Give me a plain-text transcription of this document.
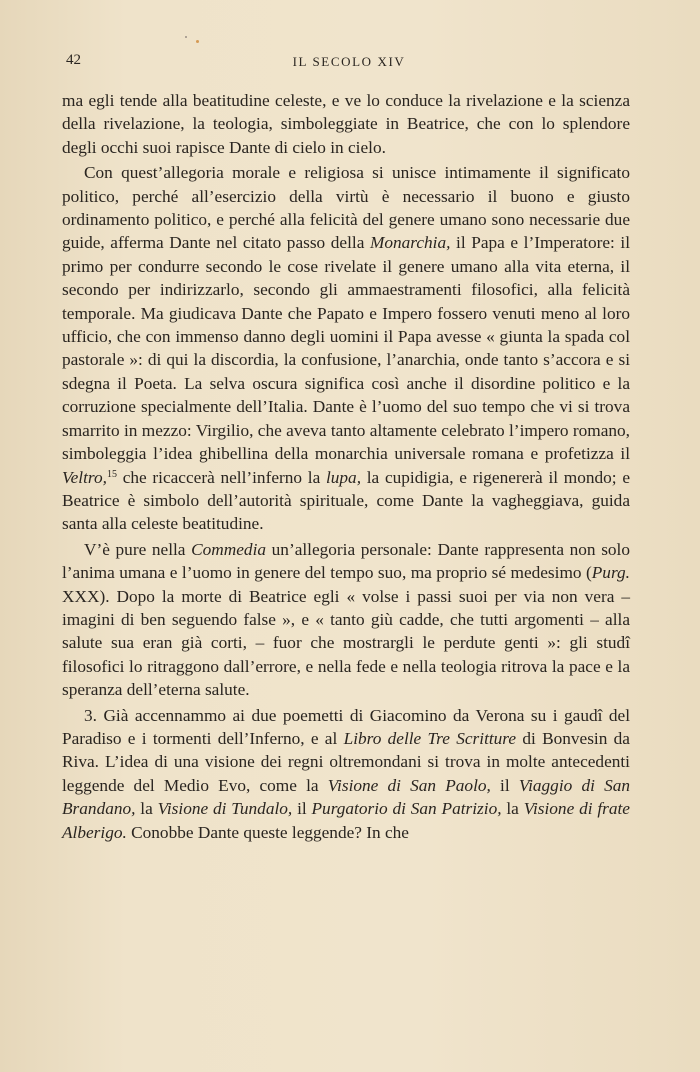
42	IL SECOLO XIV

ma egli tende alla beatitudine celeste, e ve lo conduce la rivelazione e la scienza della rivelazione, la teologia, simboleggiate in Beatrice, che con lo splendore degli occhi suoi rapisce Dante di cielo in cielo.

Con quest’allegoria morale e religiosa si unisce intimamente il significato politico, perché all’esercizio della virtù è necessario il buono e giusto ordinamento politico, e perché alla felicità del genere umano sono necessarie due guide, afferma Dante nel citato passo della Monarchia, il Papa e l’Imperatore: il primo per condurre secondo le cose rivelate il genere umano alla vita eterna, il secondo per indirizzarlo, secondo gli ammaestramenti filosofici, alla felicità temporale. Ma giudicava Dante che Papato e Impero fossero venuti meno al loro ufficio, che con immenso danno degli uomini il Papa avesse « giunta la spada col pastorale »: di qui la discordia, la confusione, l’anarchia, onde tanto s’accora e si sdegna il Poeta. La selva oscura significa così anche il disordine politico e la corruzione specialmente dell’Italia. Dante è l’uomo del suo tempo che vi si trova smarrito in mezzo: Virgilio, che aveva tanto altamente celebrato l’impero romano, simboleggia l’idea ghibellina della monarchia universale romana e profetizza il Veltro,$^{15}$ che ricaccerà nell’inferno la lupa, la cupidigia, e rigenererà il mondo; e Beatrice è simbolo dell’autorità spirituale, come Dante la vagheggiava, guida santa alla celeste beatitudine.

V’è pure nella Commedia un’allegoria personale: Dante rappresenta non solo l’anima umana e l’uomo in genere del tempo suo, ma proprio sé medesimo (Purg. XXX). Dopo la morte di Beatrice egli « volse i passi suoi per via non vera – imagini di ben seguendo false », e « tanto giù cadde, che tutti argomenti – alla salute sua eran già corti, – fuor che mostrargli le perdute genti »: gli studî filosofici lo ritraggono dall’errore, e nella fede e nella teologia ritrova la pace e la speranza dell’eterna salute.

3. Già accennammo ai due poemetti di Giacomino da Verona su i gaudî del Paradiso e i tormenti dell’Inferno, e al Libro delle Tre Scritture di Bonvesin da Riva. L’idea di una visione dei regni oltremondani si trova in molte antecedenti leggende del Medio Evo, come la Visione di San Paolo, il Viaggio di San Brandano, la Visione di Tundalo, il Purgatorio di San Patrizio, la Visione di frate Alberigo. Conobbe Dante queste leggende? In che
